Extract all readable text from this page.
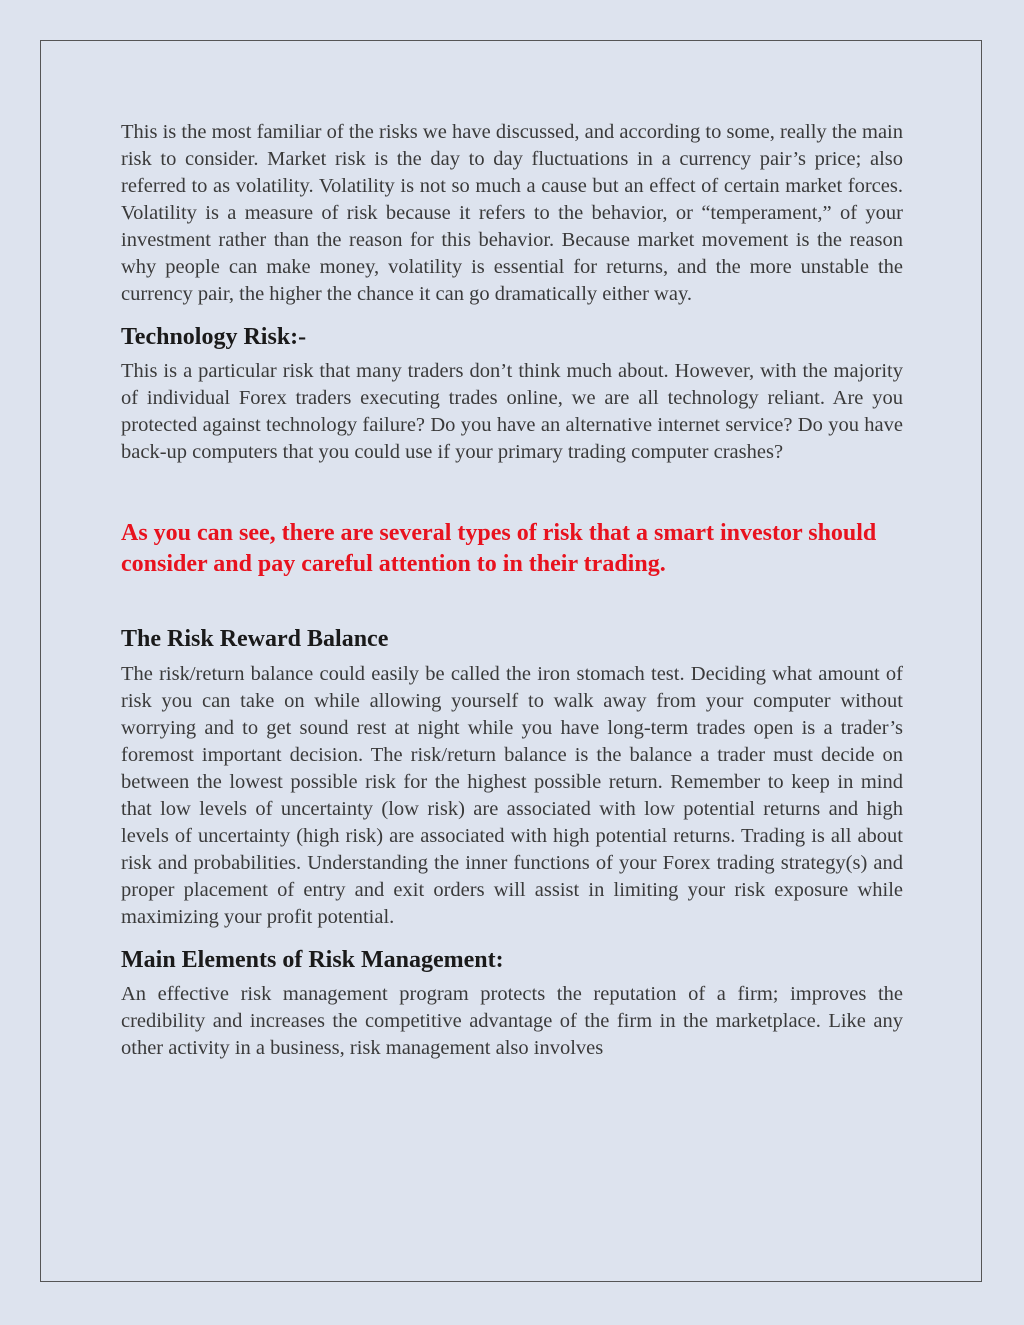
This is the most familiar of the risks we have discussed, and according to some, really the main risk to consider. Market risk is the day to day fluctuations in a currency pair’s price; also referred to as volatility. Volatility is not so much a cause but an effect of certain market forces. Volatility is a measure of risk because it refers to the behavior, or “temperament,” of your investment rather than the reason for this behavior. Because market movement is the reason why people can make money, volatility is essential for returns, and the more unstable the currency pair, the higher the chance it can go dramatically either way.

Technology Risk:-

This is a particular risk that many traders don’t think much about. However, with the majority of individual Forex traders executing trades online, we are all technology reliant. Are you protected against technology failure? Do you have an alternative internet service? Do you have back-up computers that you could use if your primary trading computer crashes?

As you can see, there are several types of risk that a smart investor should consider and pay careful attention to in their trading.

The Risk Reward Balance

The risk/return balance could easily be called the iron stomach test. Deciding what amount of risk you can take on while allowing yourself to walk away from your computer without worrying and to get sound rest at night while you have long-term trades open is a trader’s foremost important decision. The risk/return balance is the balance a trader must decide on between the lowest possible risk for the highest possible return. Remember to keep in mind that low levels of uncertainty (low risk) are associated with low potential returns and high levels of uncertainty (high risk) are associated with high potential returns. Trading is all about risk and probabilities. Understanding the inner functions of your Forex trading strategy(s) and proper placement of entry and exit orders will assist in limiting your risk exposure while maximizing your profit potential.

Main Elements of Risk Management:

An effective risk management program protects the reputation of a firm; improves the credibility and increases the competitive advantage of the firm in the marketplace. Like any other activity in a business, risk management also involves
